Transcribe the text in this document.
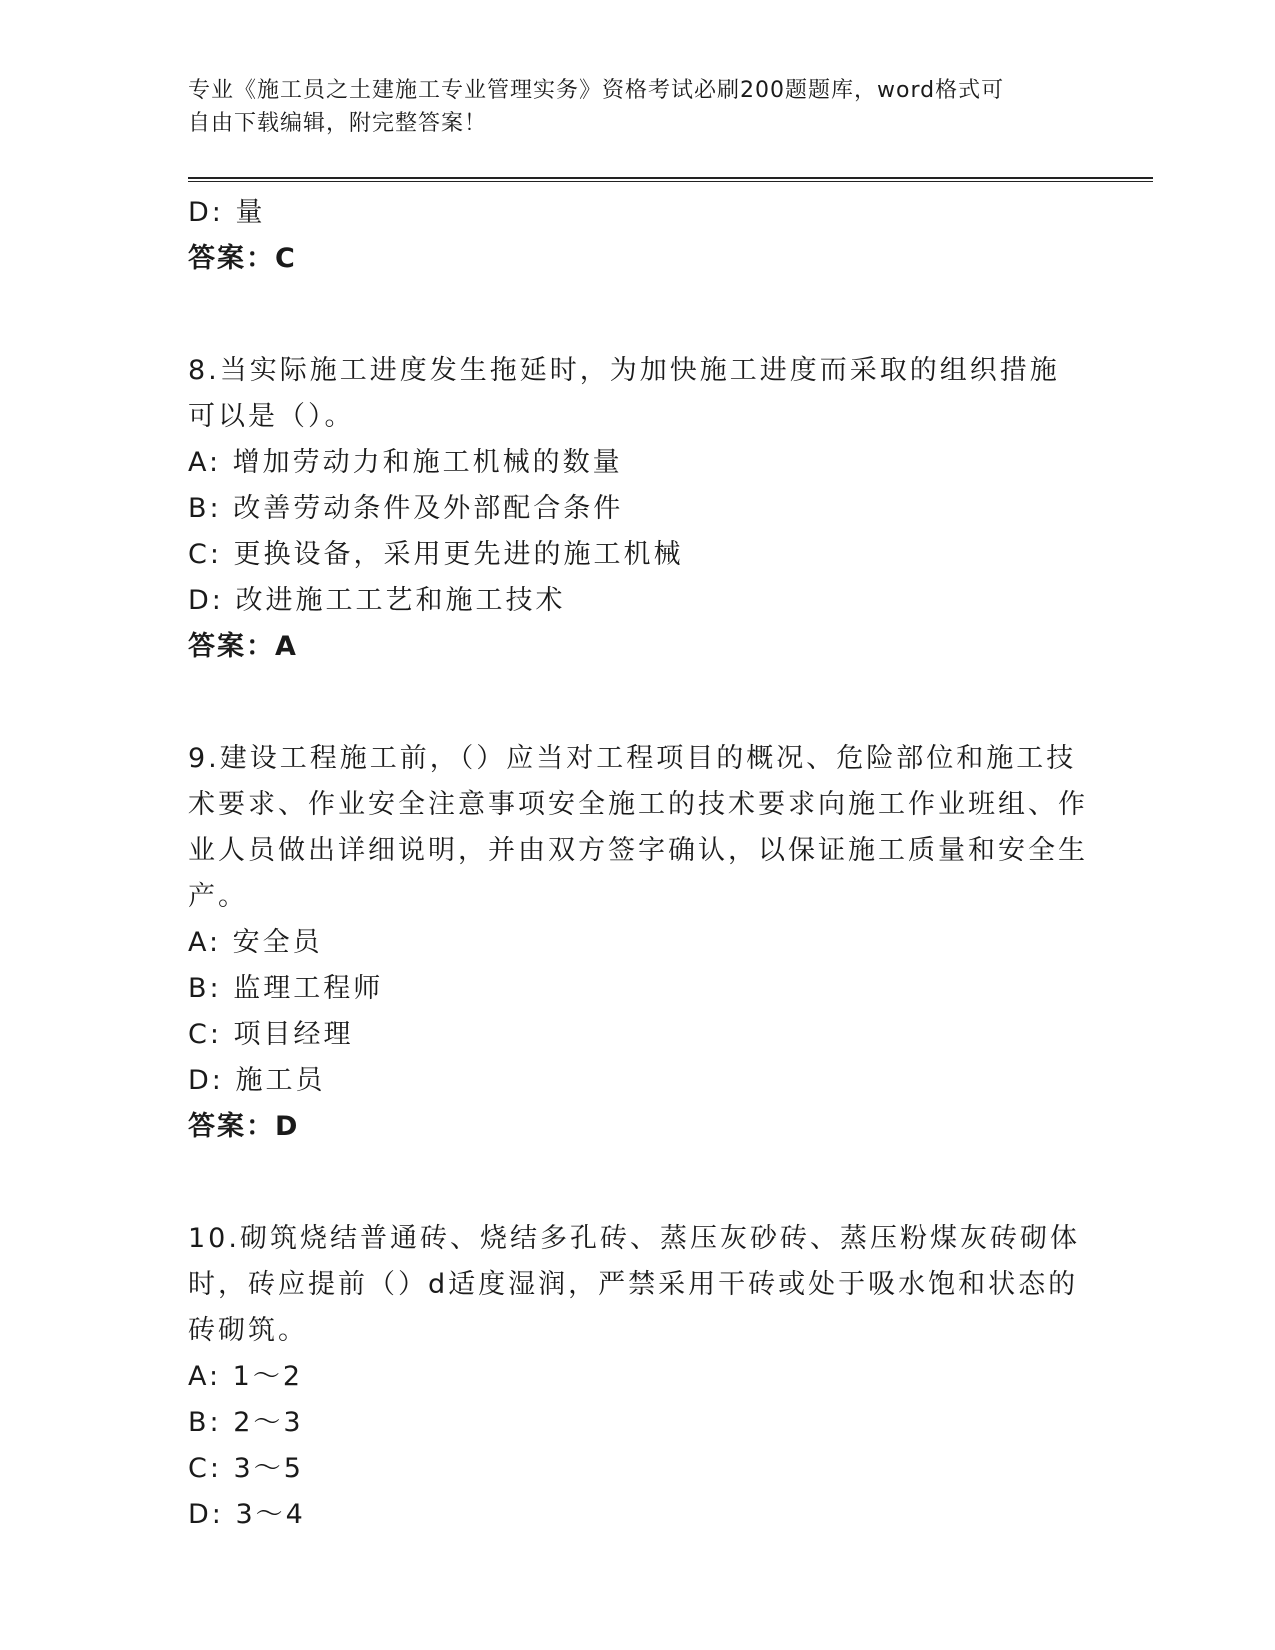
专业《施工员之土建施工专业管理实务》资格考试必刷200题题库，word格式可
自由下载编辑，附完整答案！
D: 量
答案：C
8.当实际施工进度发生拖延时，为加快施工进度而采取的组织措施可以是（）。
A: 增加劳动力和施工机械的数量
B: 改善劳动条件及外部配合条件
C: 更换设备，采用更先进的施工机械
D: 改进施工工艺和施工技术
答案：A
9.建设工程施工前，（）应当对工程项目的概况、危险部位和施工技术要求、作业安全注意事项安全施工的技术要求向施工作业班组、作业人员做出详细说明，并由双方签字确认，以保证施工质量和安全生产。
A: 安全员
B: 监理工程师
C: 项目经理
D: 施工员
答案：D
10.砌筑烧结普通砖、烧结多孔砖、蒸压灰砂砖、蒸压粉煤灰砖砌体时，砖应提前（）d适度湿润，严禁采用干砖或处于吸水饱和状态的砖砌筑。
A: 1～2
B: 2～3
C: 3～5
D: 3～4
